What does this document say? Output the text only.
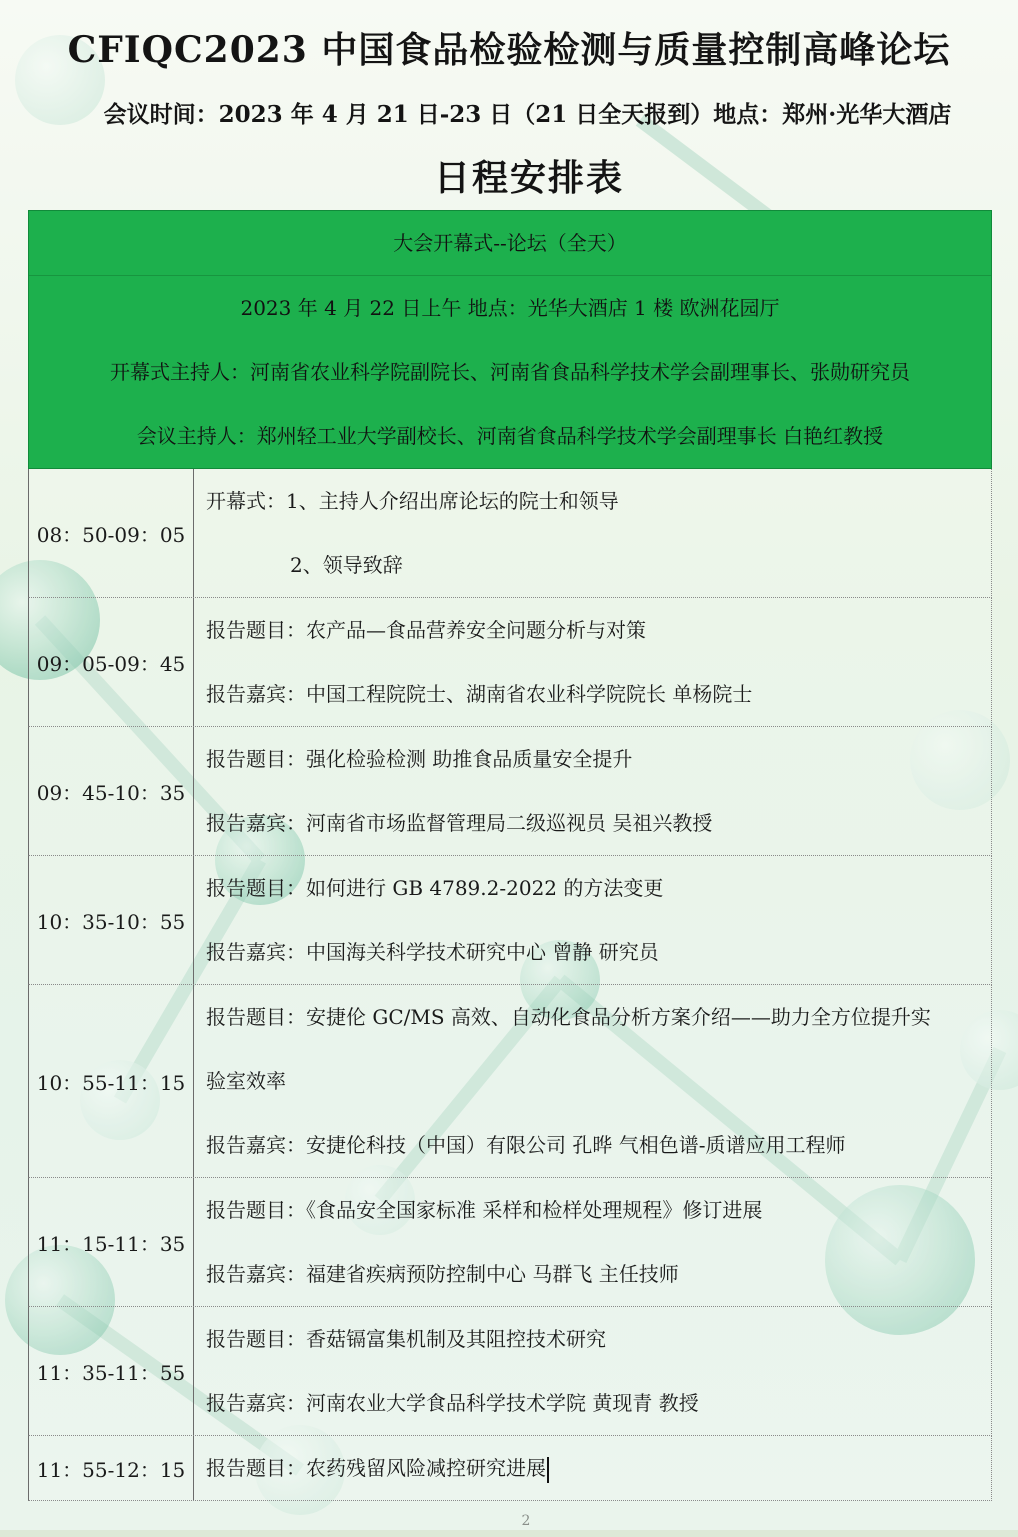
CFIQC2023 中国食品检验检测与质量控制高峰论坛
会议时间：2023 年 4 月 21 日-23 日（21 日全天报到）地点：郑州·光华大酒店
日程安排表
大会开幕式--论坛（全天）
2023 年 4 月 22 日上午 地点：光华大酒店 1 楼 欧洲花园厅
开幕式主持人：河南省农业科学院副院长、河南省食品科学技术学会副理事长、张勋研究员
会议主持人：郑州轻工业大学副校长、河南省食品科学技术学会副理事长 白艳红教授
08：50-09：05
开幕式：1、主持人介绍出席论坛的院士和领导
2、领导致辞
09：05-09：45
报告题目：农产品—食品营养安全问题分析与对策
报告嘉宾：中国工程院院士、湖南省农业科学院院长 单杨院士
09：45-10：35
报告题目：强化检验检测 助推食品质量安全提升
报告嘉宾：河南省市场监督管理局二级巡视员 吴祖兴教授
10：35-10：55
报告题目：如何进行 GB 4789.2-2022 的方法变更
报告嘉宾：中国海关科学技术研究中心 曾静 研究员
10：55-11：15
报告题目：安捷伦 GC/MS 高效、自动化食品分析方案介绍——助力全方位提升实
验室效率
报告嘉宾：安捷伦科技（中国）有限公司 孔晔 气相色谱-质谱应用工程师
11：15-11：35
报告题目：《食品安全国家标准 采样和检样处理规程》修订进展
报告嘉宾：福建省疾病预防控制中心 马群飞 主任技师
11：35-11：55
报告题目：香菇镉富集机制及其阻控技术研究
报告嘉宾：河南农业大学食品科学技术学院 黄现青 教授
11：55-12：15	报告题目：农药残留风险减控研究进展
2
